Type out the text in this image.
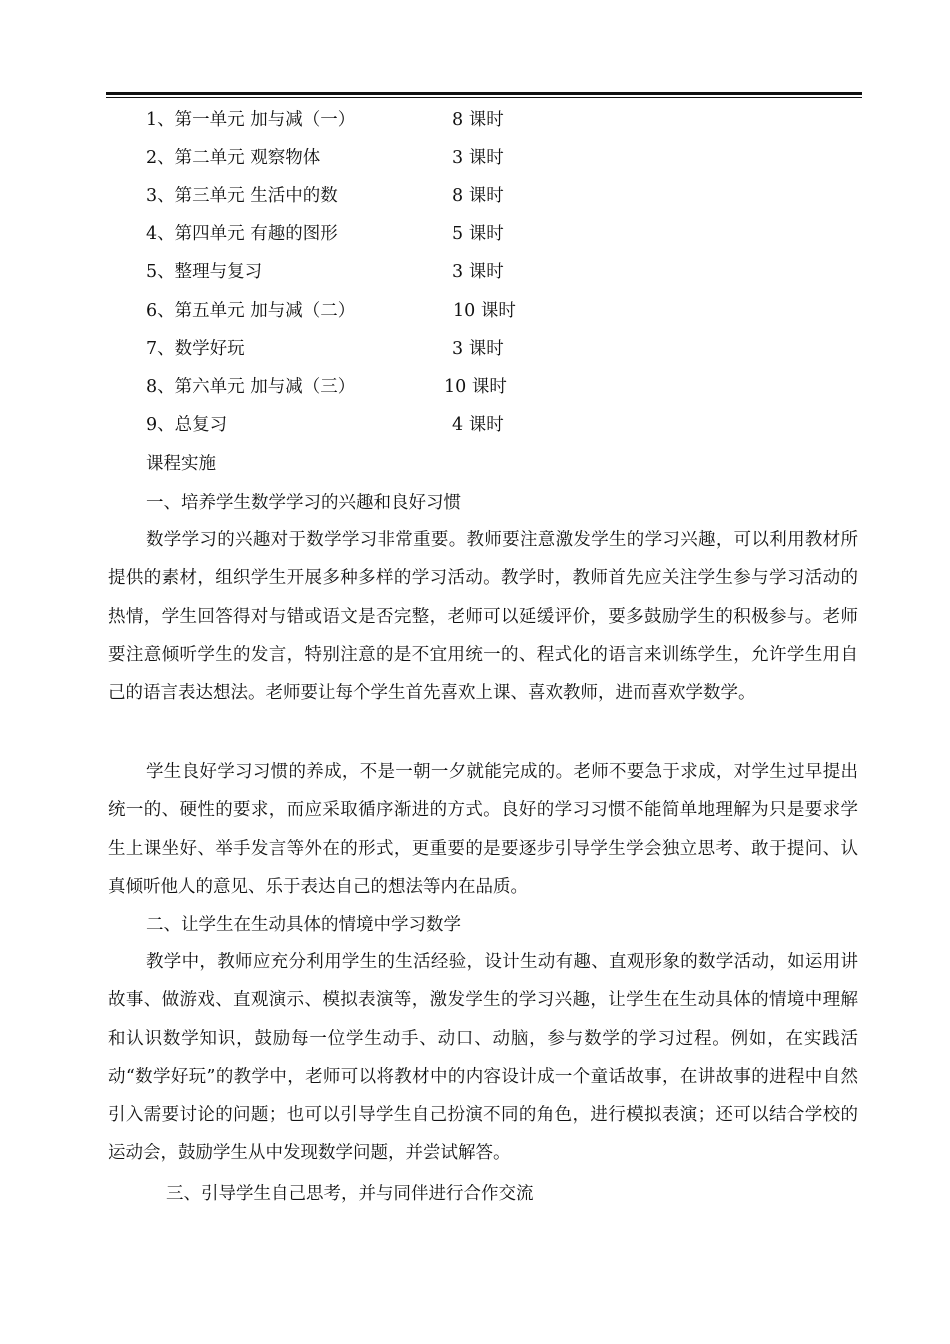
1、第一单元 加与减（一）	8 课时
2、第二单元 观察物体	3 课时
3、第三单元 生活中的数	8 课时
4、第四单元 有趣的图形	5 课时
5、整理与复习	3 课时
6、第五单元 加与减（二）	10 课时
7、数学好玩	3 课时
8、第六单元 加与减（三）	10 课时
9、总复习	4 课时
课程实施
一、培养学生数学学习的兴趣和良好习惯
数学学习的兴趣对于数学学习非常重要。教师要注意激发学生的学习兴趣，可以利用教材所提供的素材，组织学生开展多种多样的学习活动。教学时，教师首先应关注学生参与学习活动的热情，学生回答得对与错或语文是否完整，老师可以延缓评价，要多鼓励学生的积极参与。老师要注意倾听学生的发言，特别注意的是不宜用统一的、程式化的语言来训练学生，允许学生用自己的语言表达想法。老师要让每个学生首先喜欢上课、喜欢教师，进而喜欢学数学。
学生良好学习习惯的养成，不是一朝一夕就能完成的。老师不要急于求成，对学生过早提出统一的、硬性的要求，而应采取循序渐进的方式。良好的学习习惯不能简单地理解为只是要求学生上课坐好、举手发言等外在的形式，更重要的是要逐步引导学生学会独立思考、敢于提问、认真倾听他人的意见、乐于表达自己的想法等内在品质。
二、让学生在生动具体的情境中学习数学
教学中，教师应充分利用学生的生活经验，设计生动有趣、直观形象的数学活动，如运用讲故事、做游戏、直观演示、模拟表演等，激发学生的学习兴趣，让学生在生动具体的情境中理解和认识数学知识，鼓励每一位学生动手、动口、动脑，参与数学的学习过程。例如，在实践活动“数学好玩”的教学中，老师可以将教材中的内容设计成一个童话故事，在讲故事的进程中自然引入需要讨论的问题；也可以引导学生自己扮演不同的角色，进行模拟表演；还可以结合学校的运动会，鼓励学生从中发现数学问题，并尝试解答。
三、引导学生自己思考，并与同伴进行合作交流
